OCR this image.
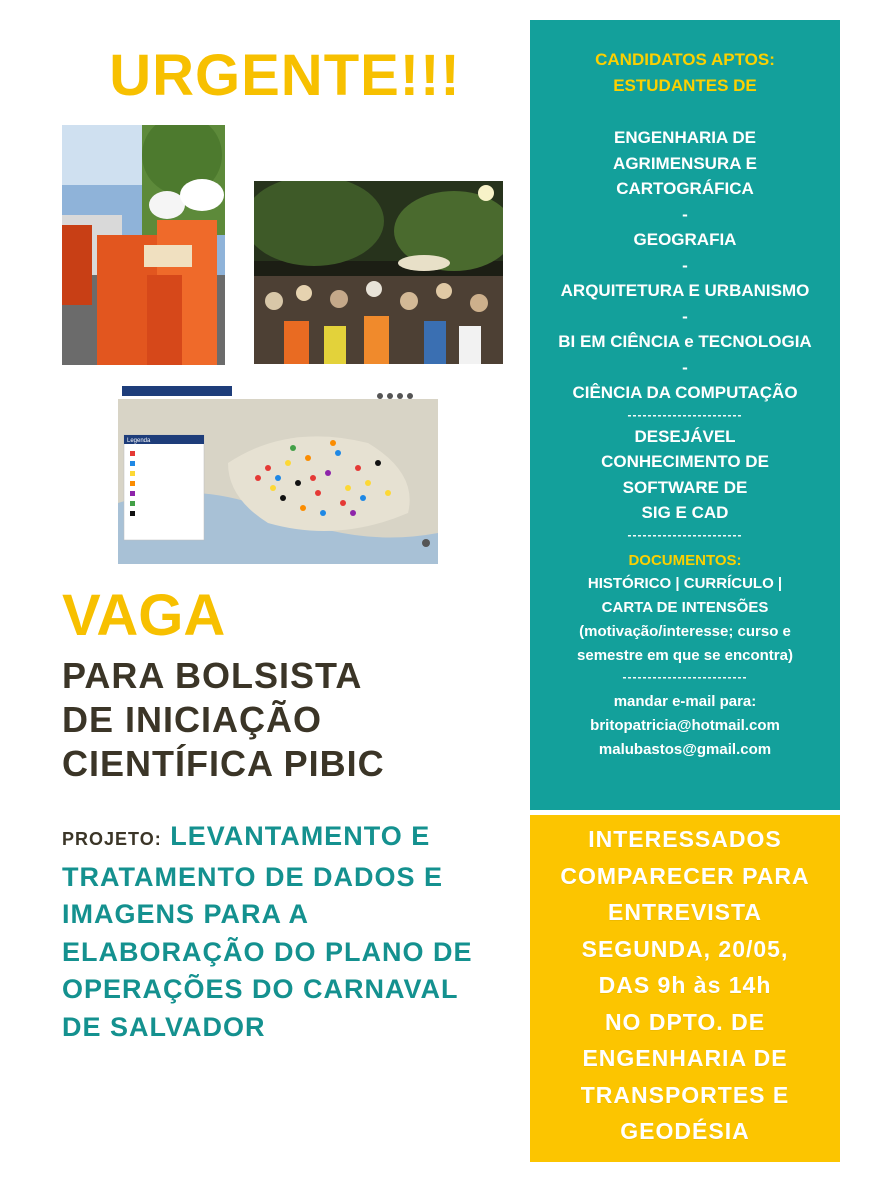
URGENTE!!!
Legenda
VAGA
PARA BOLSISTA
DE INICIAÇÃO
CIENTÍFICA PIBIC
PROJETO: LEVANTAMENTO E TRATAMENTO DE DADOS E IMAGENS PARA A ELABORAÇÃO DO PLANO DE OPERAÇÕES DO CARNAVAL DE SALVADOR
CANDIDATOS APTOS:
ESTUDANTES DE
ENGENHARIA DE
AGRIMENSURA E
CARTOGRÁFICA
-
GEOGRAFIA
-
ARQUITETURA E URBANISMO
-
BI EM CIÊNCIA e TECNOLOGIA
-
CIÊNCIA DA COMPUTAÇÃO
-----------------------
DESEJÁVEL
CONHECIMENTO DE
SOFTWARE DE
SIG E CAD
-----------------------
DOCUMENTOS:
HISTÓRICO | CURRÍCULO |
CARTA DE INTENSÕES
(motivação/interesse; curso e
semestre em que se encontra)
-------------------------
mandar e-mail para:
britopatricia@hotmail.com
malubastos@gmail.com
INTERESSADOS
COMPARECER PARA
ENTREVISTA
SEGUNDA, 20/05,
DAS 9h às 14h
NO DPTO. DE
ENGENHARIA DE
TRANSPORTES E
GEODÉSIA
